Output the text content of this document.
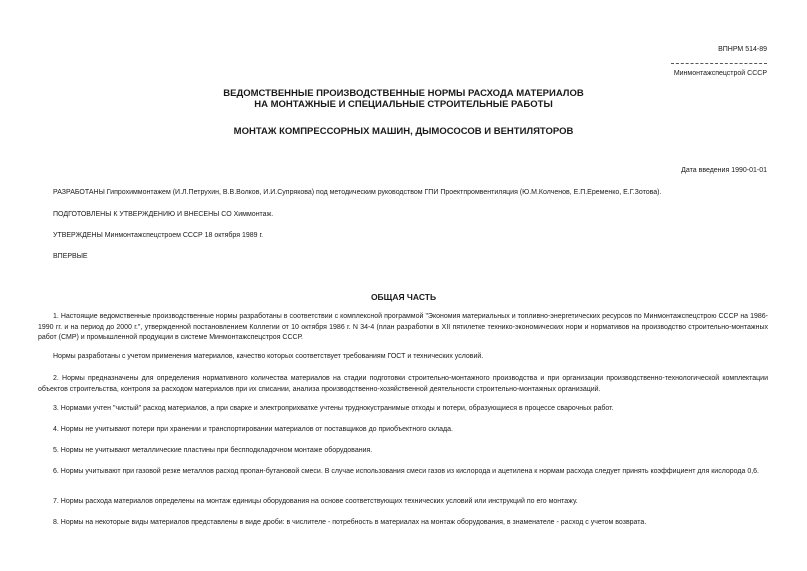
ВПНРМ 514-89
Минмонтажспецстрой СССР
ВЕДОМСТВЕННЫЕ ПРОИЗВОДСТВЕННЫЕ НОРМЫ РАСХОДА МАТЕРИАЛОВ
НА МОНТАЖНЫЕ И СПЕЦИАЛЬНЫЕ СТРОИТЕЛЬНЫЕ РАБОТЫ
МОНТАЖ КОМПРЕССОРНЫХ МАШИН, ДЫМОСОСОВ И ВЕНТИЛЯТОРОВ
Дата введения 1990-01-01
РАЗРАБОТАНЫ Гипрохиммонтажем (И.Л.Петрухин, В.В.Волков, И.И.Супрякова) под методическим руководством ГПИ Проектпромвентиляция (Ю.М.Колченов, Е.П.Еременко, Е.Г.Зотова).
ПОДГОТОВЛЕНЫ К УТВЕРЖДЕНИЮ И ВНЕСЕНЫ СО Химмонтаж.
УТВЕРЖДЕНЫ Минмонтажспецстроем СССР 18 октября 1989 г.
ВПЕРВЫЕ
ОБЩАЯ ЧАСТЬ
1. Настоящие ведомственные производственные нормы разработаны в соответствии с комплексной программой "Экономия материальных и топливно-энергетических ресурсов по Минмонтажспецстрою СССР на 1986-1990 гг. и на период до 2000 г.", утвержденной постановлением Коллегии от 10 октября 1986 г. N 34-4 (план разработки в XII пятилетке технико-экономических норм и нормативов на производство строительно-монтажных работ (СМР) и промышленной продукции в системе Минмонтажспецстроя СССР.
Нормы разработаны с учетом применения материалов, качество которых соответствует требованиям ГОСТ и технических условий.
2. Нормы предназначены для определения нормативного количества материалов на стадии подготовки строительно-монтажного производства и при организации производственно-технологической комплектации объектов строительства, контроля за расходом материалов при их списании, анализа производственно-хозяйственной деятельности строительно-монтажных организаций.
3. Нормами учтен "чистый" расход материалов, а при сварке и электроприхватке учтены труднокустранимые отходы и потери, образующиеся в процессе сварочных работ.
4. Нормы не учитывают потери при хранении и транспортировании материалов от поставщиков до приобъектного склада.
5. Нормы не учитывают металлические пластины при беспподкладочном монтаже оборудования.
6. Нормы учитывают при газовой резке металлов расход пропан-бутановой смеси. В случае использования смеси газов из кислорода и ацетилена к нормам расхода следует принять коэффициент для кислорода 0,6.
7. Нормы расхода материалов определены на монтаж единицы оборудования на основе соответствующих технических условий или инструкций по его монтажу.
8. Нормы на некоторые виды материалов представлены в виде дроби: в числителе - потребность в материалах на монтаж оборудования, в знаменателе - расход с учетом возврата.
